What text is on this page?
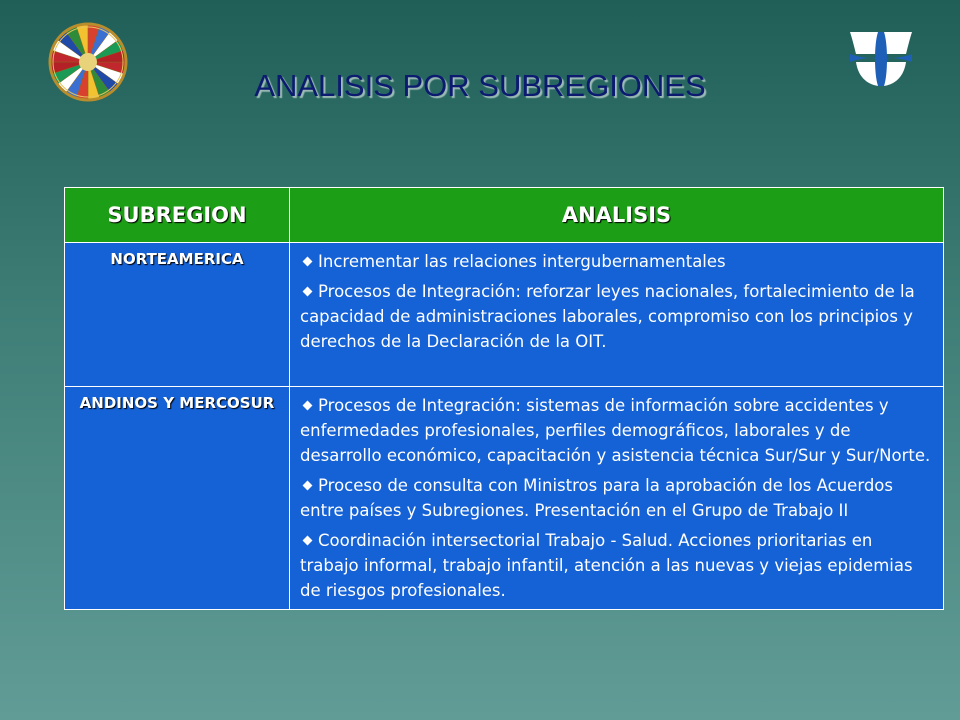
ANALISIS POR SUBREGIONES
SUBREGION	ANALISIS
NORTEAMERICA	Incrementar las relaciones intergubernamentales
Procesos de Integración: reforzar leyes nacionales, fortalecimiento de la capacidad de administraciones laborales, compromiso con los principios y derechos de la Declaración de la OIT.

ANDINOS Y MERCOSUR	Procesos de Integración: sistemas de información sobre accidentes y enfermedades profesionales, perfiles demográficos, laborales y de desarrollo económico, capacitación y asistencia técnica Sur/Sur y Sur/Norte.
Proceso de consulta con Ministros para la aprobación de los Acuerdos entre países y Subregiones. Presentación en el Grupo de Trabajo II
Coordinación intersectorial Trabajo - Salud. Acciones prioritarias en trabajo informal, trabajo infantil, atención a las nuevas y viejas epidemias de riesgos profesionales.
